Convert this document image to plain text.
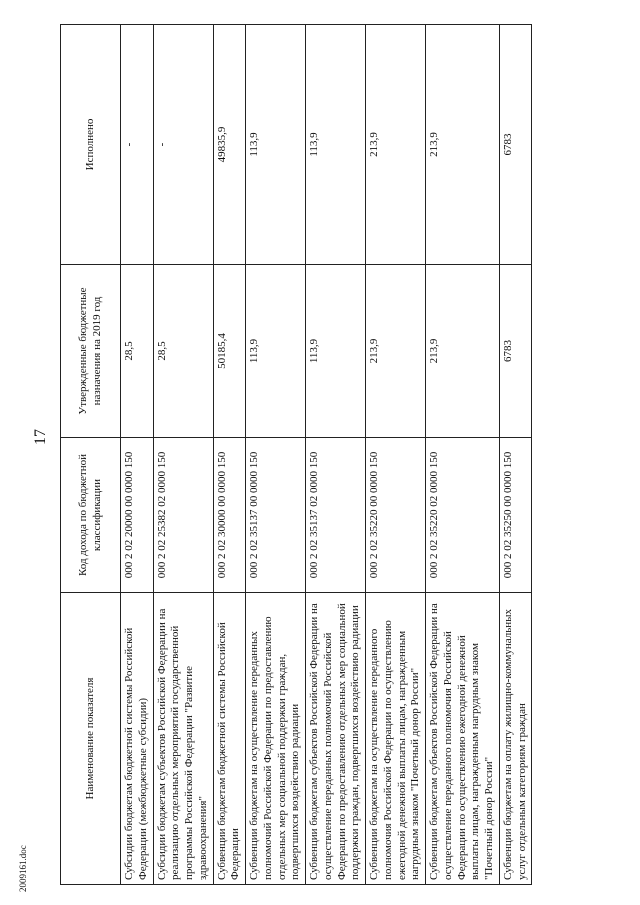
17
2009161.doc
Наименование показателя	Код дохода по бюджетной классификации	Утвержденные бюджетные назначения на 2019 год	Исполнено
Субсидии бюджетам бюджетной системы Российской Федерации (межбюджетные субсидии)	000 2 02 20000 00 0000 150	28,5	-
Субсидии бюджетам субъектов Российской Федерации на реализацию отдельных мероприятий государственной программы Российской Федерации "Развитие здравоохранения"	000 2 02 25382 02 0000 150	28,5	-
Субвенции бюджетам бюджетной системы Российской Федерации	000 2 02 30000 00 0000 150	50185,4	49835,9
Субвенции бюджетам на осуществление переданных полномочий Российской Федерации по предоставлению отдельных мер социальной поддержки граждан, подвергшихся воздействию радиации	000 2 02 35137 00 0000 150	113,9	113,9
Субвенции бюджетам субъектов Российской Федерации на осуществление переданных полномочий Российской Федерации по предоставлению отдельных мер социальной поддержки граждан, подвергшихся воздействию радиации	000 2 02 35137 02 0000 150	113,9	113,9
Субвенции бюджетам на осуществление переданного полномочия Российской Федерации по осуществлению ежегодной денежной выплаты лицам, награжденным нагрудным знаком "Почетный донор России"	000 2 02 35220 00 0000 150	213,9	213,9
Субвенции бюджетам субъектов Российской Федерации на осуществление переданного полномочия Российской Федерации по осуществлению ежегодной денежной выплаты лицам, награжденным нагрудным знаком "Почетный донор России"	000 2 02 35220 02 0000 150	213,9	213,9
Субвенции бюджетам на оплату жилищно-коммунальных услуг отдельным категориям граждан	000 2 02 35250 00 0000 150	6783	6783
